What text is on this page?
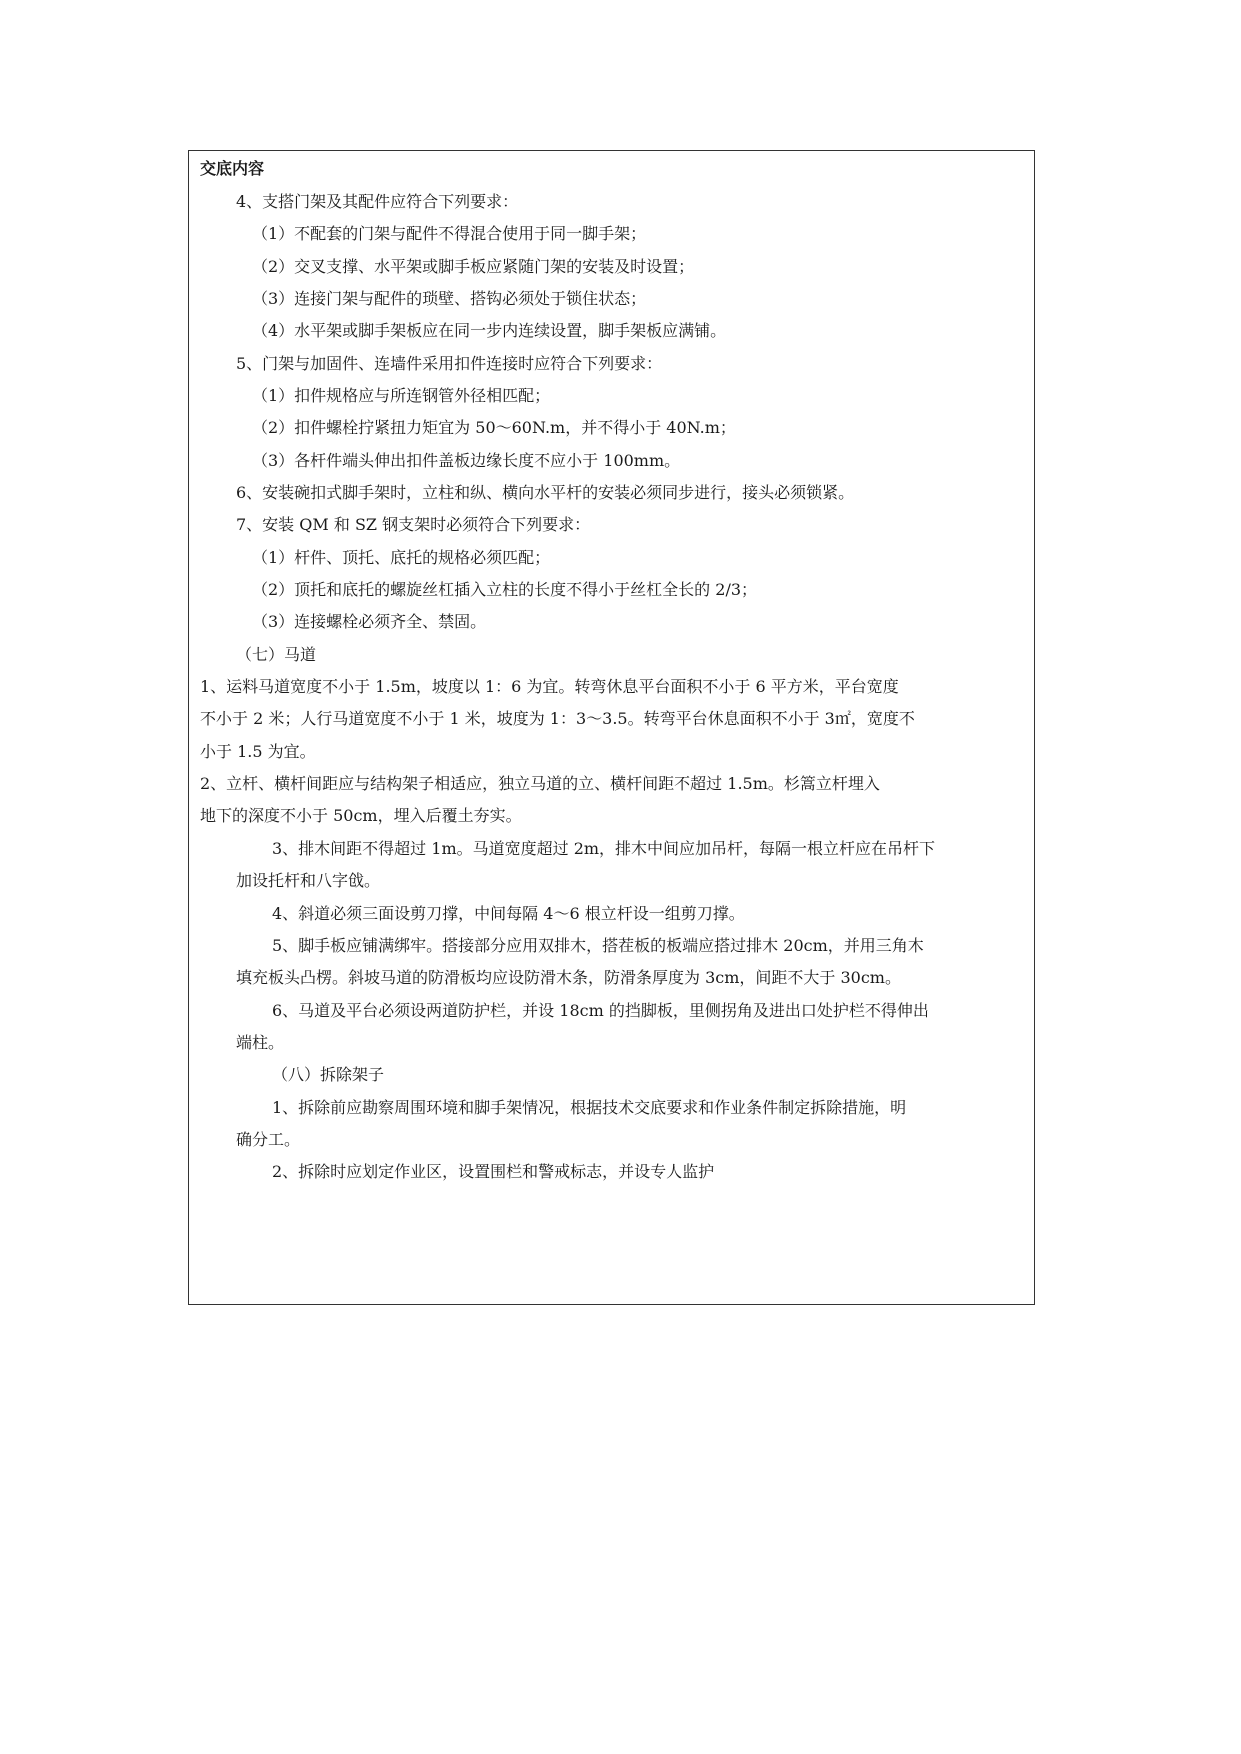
交底内容
4、支搭门架及其配件应符合下列要求：
（1）不配套的门架与配件不得混合使用于同一脚手架；
（2）交叉支撑、水平架或脚手板应紧随门架的安装及时设置；
（3）连接门架与配件的琐壁、搭钩必须处于锁住状态；
（4）水平架或脚手架板应在同一步内连续设置，脚手架板应满铺。
5、门架与加固件、连墙件采用扣件连接时应符合下列要求：
（1）扣件规格应与所连钢管外径相匹配；
（2）扣件螺栓拧紧扭力矩宜为 50～60N.m，并不得小于 40N.m；
（3）各杆件端头伸出扣件盖板边缘长度不应小于 100mm。
6、安装碗扣式脚手架时，立柱和纵、横向水平杆的安装必须同步进行，接头必须锁紧。
7、安装 QM 和 SZ 钢支架时必须符合下列要求：
（1）杆件、顶托、底托的规格必须匹配；
（2）顶托和底托的螺旋丝杠插入立柱的长度不得小于丝杠全长的 2/3；
（3）连接螺栓必须齐全、禁固。
（七）马道
1、运料马道宽度不小于 1.5m，坡度以 1：6 为宜。转弯休息平台面积不小于 6 平方米，平台宽度
不小于 2 米；人行马道宽度不小于 1 米，坡度为 1：3～3.5。转弯平台休息面积不小于 3㎡，宽度不
小于 1.5 为宜。
2、立杆、横杆间距应与结构架子相适应，独立马道的立、横杆间距不超过 1.5m。杉篙立杆埋入
地下的深度不小于 50cm，埋入后覆土夯实。
3、排木间距不得超过 1m。马道宽度超过 2m，排木中间应加吊杆，每隔一根立杆应在吊杆下
加设托杆和八字戗。
4、斜道必须三面设剪刀撑，中间每隔 4～6 根立杆设一组剪刀撑。
5、脚手板应铺满绑牢。搭接部分应用双排木，搭茬板的板端应搭过排木 20cm，并用三角木
填充板头凸楞。斜坡马道的防滑板均应设防滑木条，防滑条厚度为 3cm，间距不大于 30cm。
6、马道及平台必须设两道防护栏，并设 18cm 的挡脚板，里侧拐角及进出口处护栏不得伸出
端柱。
（八）拆除架子
1、拆除前应勘察周围环境和脚手架情况，根据技术交底要求和作业条件制定拆除措施，明
确分工。
2、拆除时应划定作业区，设置围栏和警戒标志，并设专人监护
